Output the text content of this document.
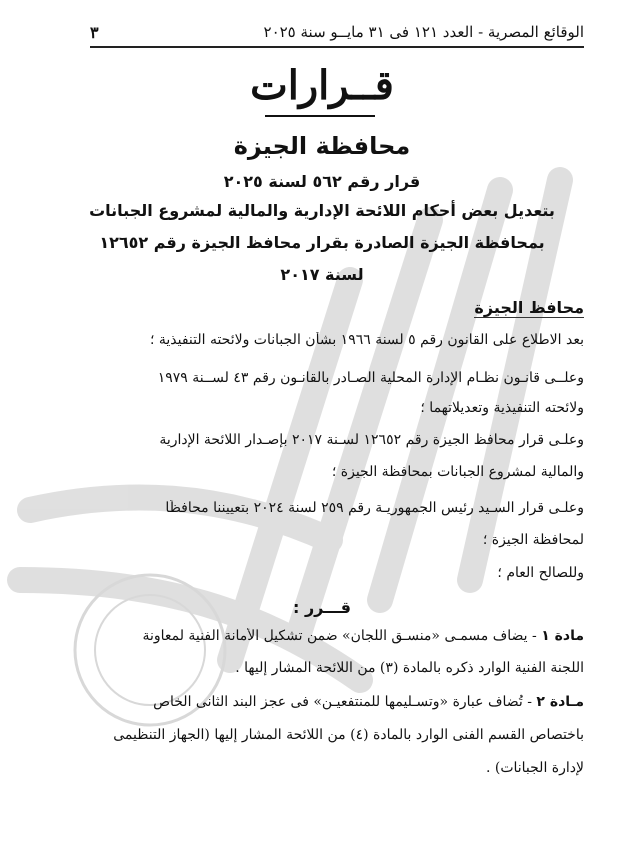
الوقائع المصرية - العدد ١٢١ فى ٣١ مايــو سنة ٢٠٢٥
٣
قــرارات
محافظة الجيزة
قرار رقم ٥٦٢ لسنة ٢٠٢٥
بتعديل بعض أحكام اللائحة الإدارية والمالية لمشروع الجبانات
بمحافظة الجيزة الصادرة بقرار محافظ الجيزة رقم ١٢٦٥٢
لسنة ٢٠١٧
محافظ الجيزة
بعد الاطلاع على القانون رقم ٥ لسنة ١٩٦٦ بشأن الجبانات ولائحته التنفيذية ؛
وعلــى قانـون نظـام الإدارة المحلية الصـادر بالقانـون رقم ٤٣ لســنة ١٩٧٩
ولائحته التنفيذية وتعديلاتهما ؛
وعلـى قرار محافظ الجيزة رقم ١٢٦٥٢ لسـنة ٢٠١٧ بإصـدار اللائحة الإدارية
والمالية لمشروع الجبانات بمحافظة الجيزة ؛
وعلـى قرار السـيد رئيس الجمهوريـة رقم ٢٥٩ لسنة ٢٠٢٤ بتعييننا محافظًا
لمحافظة الجيزة ؛
وللصالح العام ؛
قـــرر :
مادة ١ - يضاف مسمـى «منسـق اللجان» ضمن تشكيل الأمانة الفنية لمعاونة
اللجنة الفنية الوارد ذكره بالمادة (٣) من اللائحة المشار إليها .
مـادة ٢ - تُضاف عبارة «وتسـليمها للمنتفعيـن» فى عجز البند الثانى الخاص
باختصاص القسم الفنى الوارد بالمادة (٤) من اللائحة المشار إليها (الجهاز التنظيمى
لإدارة الجبانات) .
